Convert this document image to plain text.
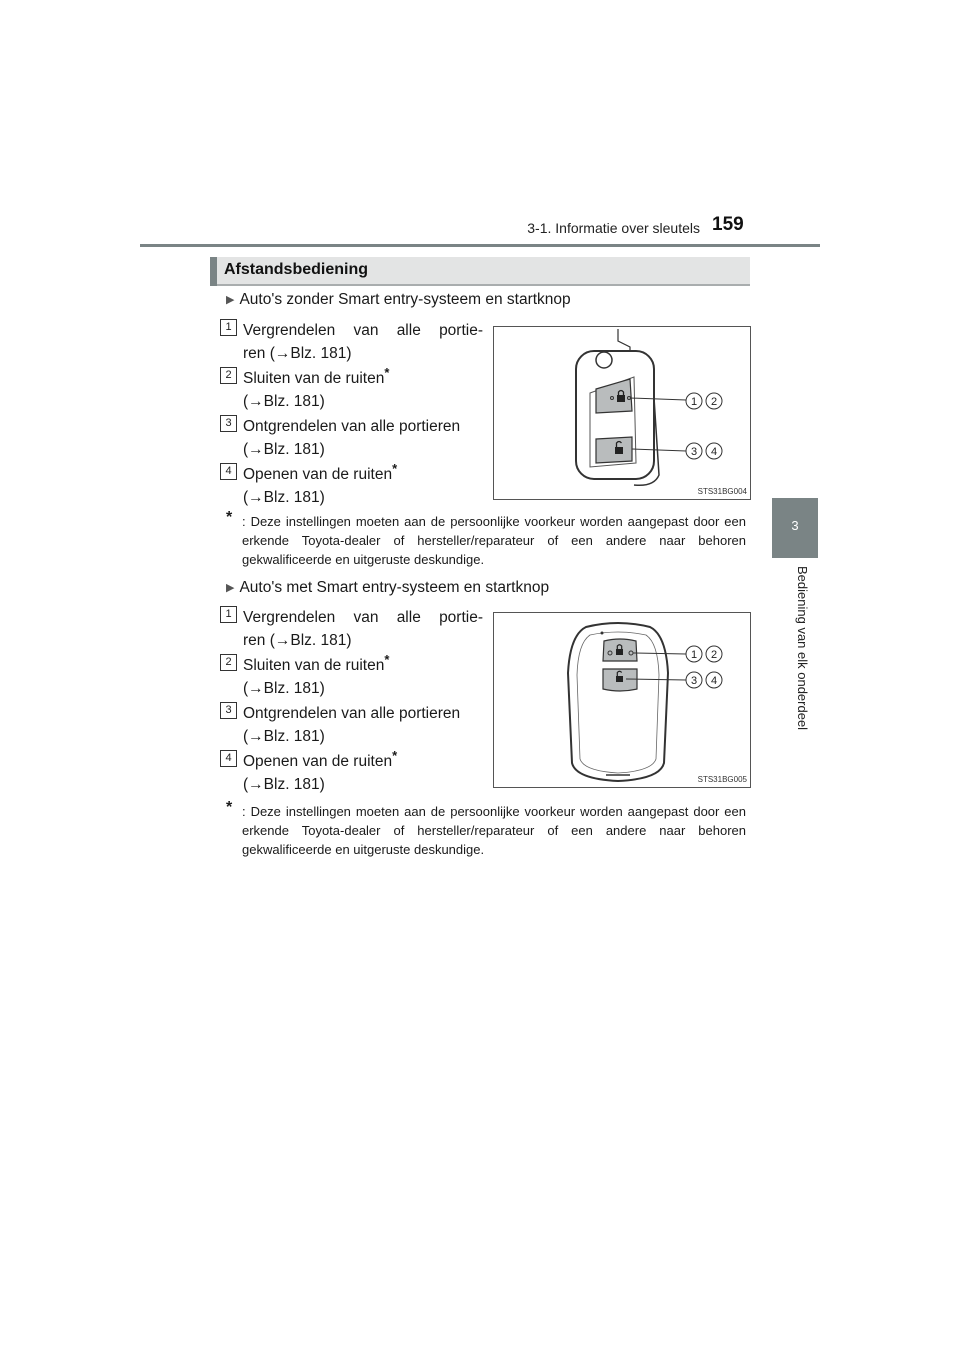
3-1. Informatie over sleutels 159
3
Bediening van elk onderdeel
Afstandsbediening
▶ Auto's zonder Smart entry-systeem en startknop
1 Vergrendelen van alle portie-
ren (→Blz. 181)
2 Sluiten van de ruiten*
(→Blz. 181)
3 Ontgrendelen van alle portieren
(→Blz. 181)
4 Openen van de ruiten*
(→Blz. 181)
1 2
3 4
STS31BG004
* : Deze instellingen moeten aan de persoonlijke voorkeur worden aangepast door een erkende Toyota-dealer of hersteller/reparateur of een andere naar behoren gekwalificeerde en uitgeruste deskundige.
▶ Auto's met Smart entry-systeem en startknop
1 Vergrendelen van alle portie-
ren (→Blz. 181)
2 Sluiten van de ruiten*
(→Blz. 181)
3 Ontgrendelen van alle portieren
(→Blz. 181)
4 Openen van de ruiten*
(→Blz. 181)
1 2
3 4
STS31BG005
* : Deze instellingen moeten aan de persoonlijke voorkeur worden aangepast door een erkende Toyota-dealer of hersteller/reparateur of een andere naar behoren gekwalificeerde en uitgeruste deskundige.
